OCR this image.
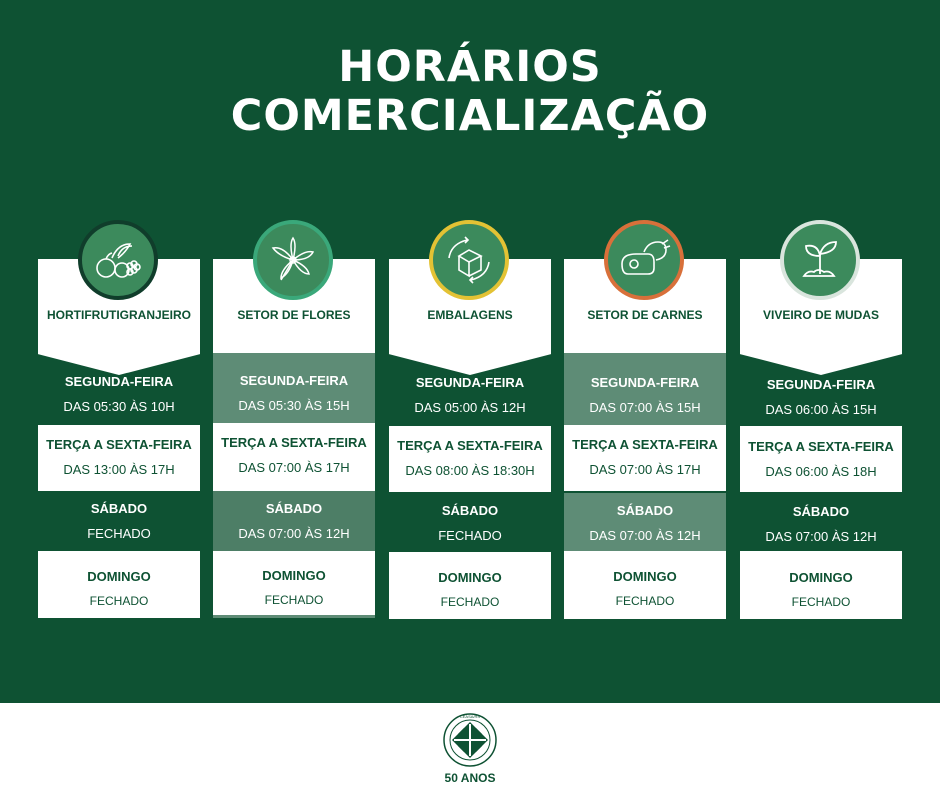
HORÁRIOS
COMERCIALIZAÇÃO
HORTIFRUTIGRANJEIRO
SEGUNDA-FEIRA
DAS 05:30 ÀS 10H
TERÇA A SEXTA-FEIRA
DAS 13:00 ÀS 17H
SÁBADO
FECHADO
DOMINGO
FECHADO
SETOR DE FLORES
SEGUNDA-FEIRA
DAS 05:30 ÀS 15H
TERÇA A SEXTA-FEIRA
DAS 07:00 ÀS 17H
SÁBADO
DAS 07:00 ÀS 12H
DOMINGO
FECHADO
EMBALAGENS
SEGUNDA-FEIRA
DAS 05:00 ÀS 12H
TERÇA A SEXTA-FEIRA
DAS 08:00 ÀS 18:30H
SÁBADO
FECHADO
DOMINGO
FECHADO
SETOR DE CARNES
SEGUNDA-FEIRA
DAS 07:00 ÀS 15H
TERÇA A SEXTA-FEIRA
DAS 07:00 ÀS 17H
SÁBADO
DAS 07:00 ÀS 12H
DOMINGO
FECHADO
VIVEIRO DE MUDAS
SEGUNDA-FEIRA
DAS 06:00 ÀS 15H
TERÇA A SEXTA-FEIRA
DAS 06:00 ÀS 18H
SÁBADO
DAS 07:00 ÀS 12H
DOMINGO
FECHADO
CEASA/RS
50 ANOS
